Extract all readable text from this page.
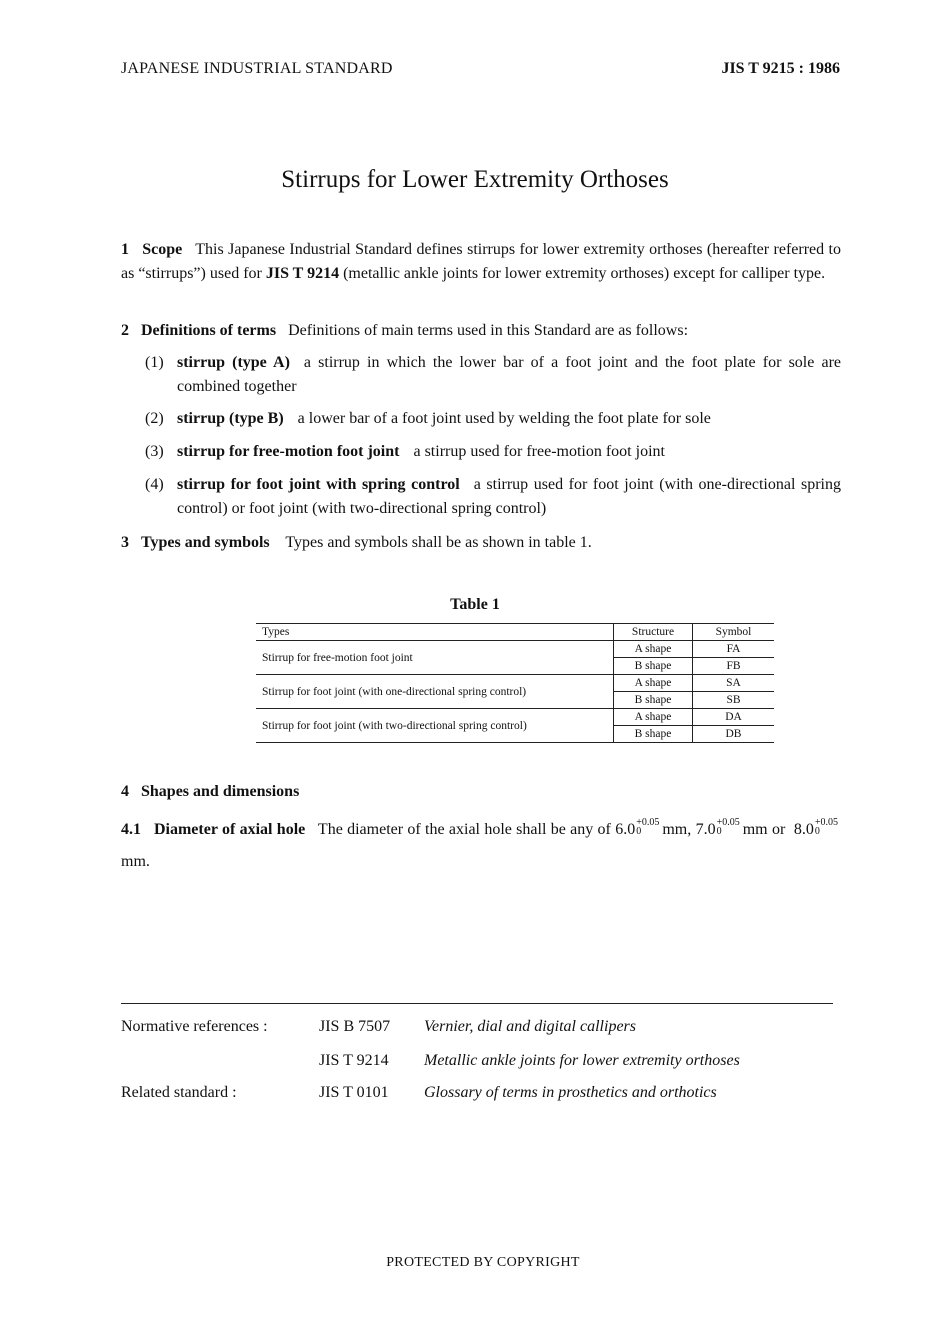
JAPANESE INDUSTRIAL STANDARD	JIS T 9215 : 1986
Stirrups for Lower Extremity Orthoses
1 Scope This Japanese Industrial Standard defines stirrups for lower extremity orthoses (hereafter referred to as “stirrups”) used for JIS T 9214 (metallic ankle joints for lower extremity orthoses) except for calliper type.
2 Definitions of terms Definitions of main terms used in this Standard are as follows:
(1) stirrup (type A) a stirrup in which the lower bar of a foot joint and the foot plate for sole are combined together
(2) stirrup (type B) a lower bar of a foot joint used by welding the foot plate for sole
(3) stirrup for free-motion foot joint a stirrup used for free-motion foot joint
(4) stirrup for foot joint with spring control a stirrup used for foot joint (with one-directional spring control) or foot joint (with two-directional spring control)
3 Types and symbols Types and symbols shall be as shown in table 1.
Table 1
Types	Structure	Symbol
Stirrup for free-motion foot joint	A shape	FA
	B shape	FB
Stirrup for foot joint (with one-directional spring control)	A shape	SA
	B shape	SB
Stirrup for foot joint (with two-directional spring control)	A shape	DA
	B shape	DB
4 Shapes and dimensions
4.1 Diameter of axial hole The diameter of the axial hole shall be any of 6.0 +0.05
0	mm, 7.0 +0.05
0	mm or 8.0 +0.05
0
mm.
Normative references :	JIS B 7507 Vernier, dial and digital callipers
JIS T 9214 Metallic ankle joints for lower extremity orthoses
Related standard :	JIS T 0101 Glossary of terms in prosthetics and orthotics
PROTECTED BY COPYRIGHT
